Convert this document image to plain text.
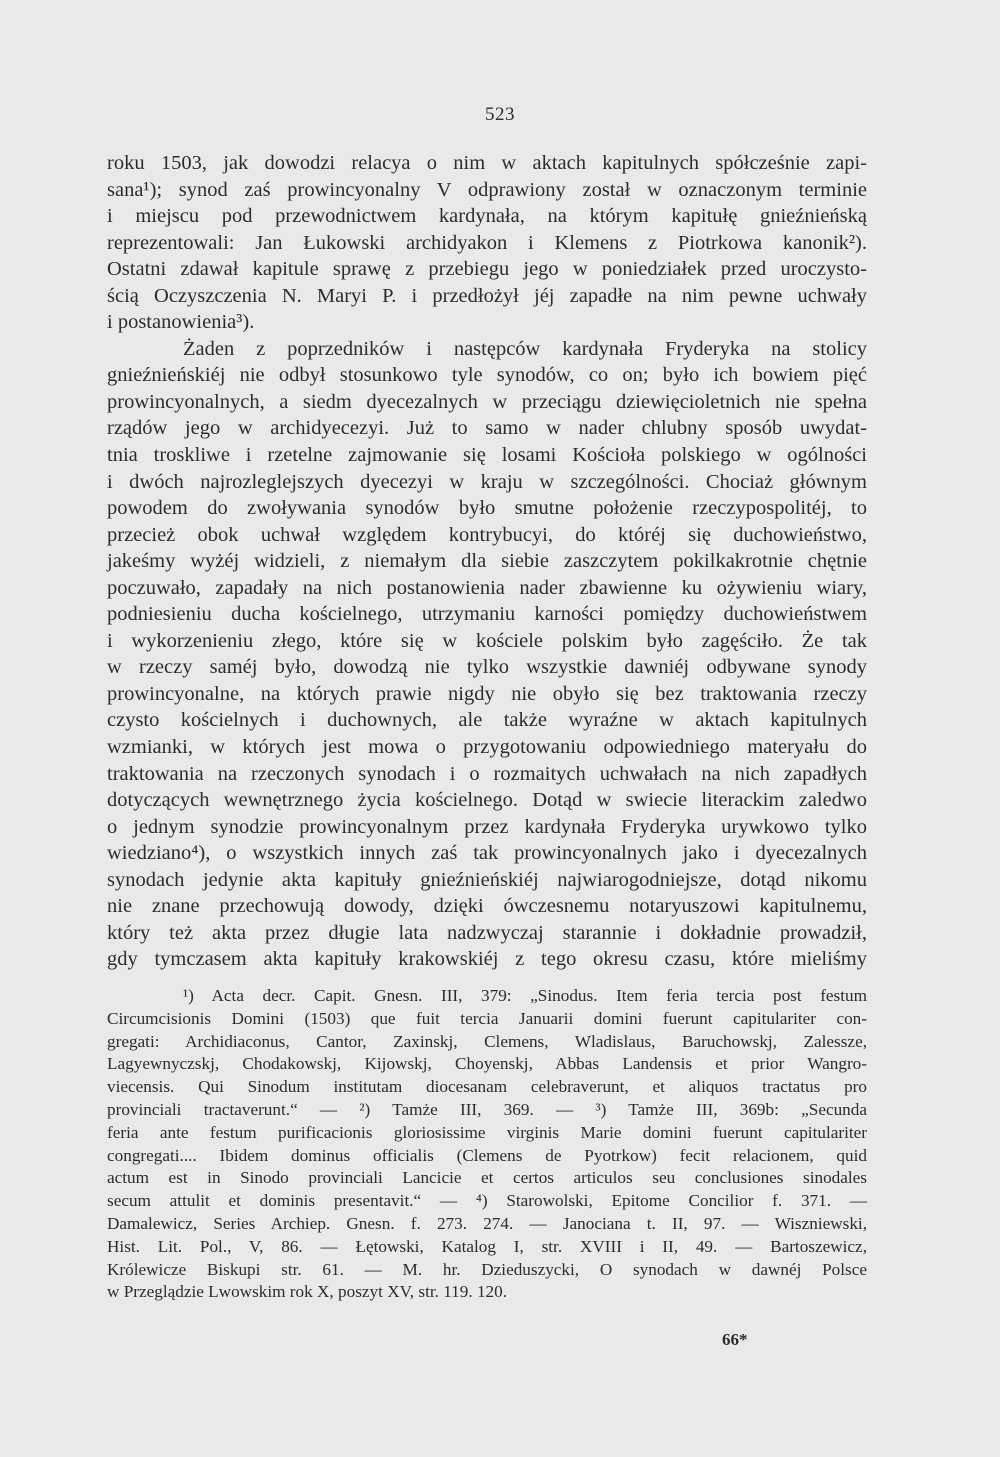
523
roku 1503, jak dowodzi relacya o nim w aktach kapitulnych spółcześnie zapi-
sana¹); synod zaś prowincyonalny V odprawiony został w oznaczonym terminie
i miejscu pod przewodnictwem kardynała, na którym kapitułę gnieźnieńską
reprezentowali: Jan Łukowski archidyakon i Klemens z Piotrkowa kanonik²).
Ostatni zdawał kapitule sprawę z przebiegu jego w poniedziałek przed uroczysto-
ścią Oczyszczenia N. Maryi P. i przedłożył jéj zapadłe na nim pewne uchwały
i postanowienia³).
Żaden z poprzedników i następców kardynała Fryderyka na stolicy
gnieźnieńskiéj nie odbył stosunkowo tyle synodów, co on; było ich bowiem pięć
prowincyonalnych, a siedm dyecezalnych w przeciągu dziewięcioletnich nie spełna
rządów jego w archidyecezyi. Już to samo w nader chlubny sposób uwydat-
tnia troskliwe i rzetelne zajmowanie się losami Kościoła polskiego w ogólności
i dwóch najrozleglejszych dyecezyi w kraju w szczególności. Chociaż głównym
powodem do zwoływania synodów było smutne położenie rzeczypospolitéj, to
przecież obok uchwał względem kontrybucyi, do któréj się duchowieństwo,
jakeśmy wyżéj widzieli, z niemałym dla siebie zaszczytem pokilkakrotnie chętnie
poczuwało, zapadały na nich postanowienia nader zbawienne ku ożywieniu wiary,
podniesieniu ducha kościelnego, utrzymaniu karności pomiędzy duchowieństwem
i wykorzenieniu złego, które się w kościele polskim było zagęściło. Że tak
w rzeczy saméj było, dowodzą nie tylko wszystkie dawniéj odbywane synody
prowincyonalne, na których prawie nigdy nie obyło się bez traktowania rzeczy
czysto kościelnych i duchownych, ale także wyraźne w aktach kapitulnych
wzmianki, w których jest mowa o przygotowaniu odpowiedniego materyału do
traktowania na rzeczonych synodach i o rozmaitych uchwałach na nich zapadłych
dotyczących wewnętrznego życia kościelnego. Dotąd w swiecie literackim zaledwo
o jednym synodzie prowincyonalnym przez kardynała Fryderyka urywkowo tylko
wiedziano⁴), o wszystkich innych zaś tak prowincyonalnych jako i dyecezalnych
synodach jedynie akta kapituły gnieźnieńskiéj najwiarogodniejsze, dotąd nikomu
nie znane przechowują dowody, dzięki ówczesnemu notaryuszowi kapitulnemu,
który też akta przez długie lata nadzwyczaj starannie i dokładnie prowadził,
gdy tymczasem akta kapituły krakowskiéj z tego okresu czasu, które mieliśmy
¹) Acta decr. Capit. Gnesn. III, 379: „Sinodus. Item feria tercia post festum
Circumcisionis Domini (1503) que fuit tercia Januarii domini fuerunt capitulariter con-
gregati: Archidiaconus, Cantor, Zaxinskj, Clemens, Wladislaus, Baruchowskj, Zalessze,
Lagyewnyczskj, Chodakowskj, Kijowskj, Choyenskj, Abbas Landensis et prior Wangro-
viecensis. Qui Sinodum institutam diocesanam celebraverunt, et aliquos tractatus pro
provinciali tractaverunt.“ — ²) Tamże III, 369. — ³) Tamże III, 369b: „Secunda
feria ante festum purificacionis gloriosissime virginis Marie domini fuerunt capitulariter
congregati.... Ibidem dominus officialis (Clemens de Pyotrkow) fecit relacionem, quid
actum est in Sinodo provinciali Lancicie et certos articulos seu conclusiones sinodales
secum attulit et dominis presentavit.“ — ⁴) Starowolski, Epitome Concilior f. 371. —
Damalewicz, Series Archiep. Gnesn. f. 273. 274. — Janociana t. II, 97. — Wiszniewski,
Hist. Lit. Pol., V, 86. — Łętowski, Katalog I, str. XVIII i II, 49. — Bartoszewicz,
Królewicze Biskupi str. 61. — M. hr. Dzieduszycki, O synodach w dawnéj Polsce
w Przeglądzie Lwowskim rok X, poszyt XV, str. 119. 120.
66*
